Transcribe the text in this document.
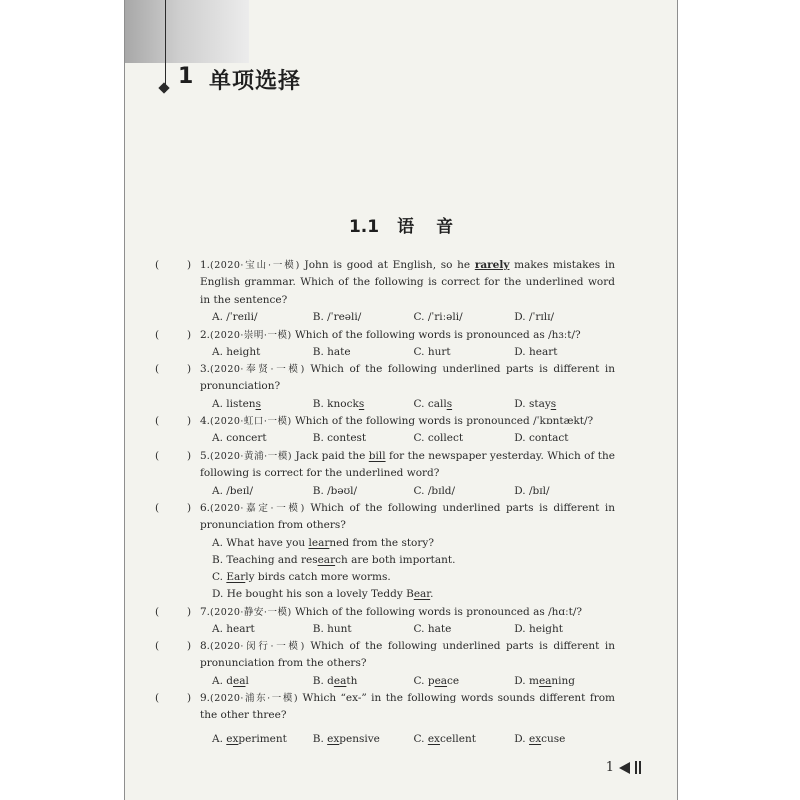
1 单项选择
1.1 语 音
(	) 1.(2020·宝山·一模) John is good at English, so he rarely makes mistakes in English grammar. Which of the following is correct for the underlined word in the sentence?
A. /ˈreɪli/	B. /ˈreəli/	C. /ˈriːəli/	D. /ˈrɪlɪ/
(	) 2.(2020·崇明·一模) Which of the following words is pronounced as /hɜːt/?
A. height	B. hate	C. hurt	D. heart
(	) 3.(2020·奉贤·一模) Which of the following underlined parts is different in pronunciation?
A. listens	B. knocks	C. calls	D. stays
(	) 4.(2020·虹口·一模) Which of the following words is pronounced /ˈkɒntækt/?
A. concert	B. contest	C. collect	D. contact
(	) 5.(2020·黄浦·一模) Jack paid the bill for the newspaper yesterday. Which of the following is correct for the underlined word?
A. /beɪl/	B. /bəʊl/	C. /bɪld/	D. /bɪl/
(	) 6.(2020·嘉定·一模) Which of the following underlined parts is different in pronunciation from others?
A. What have you learned from the story?
B. Teaching and research are both important.
C. Early birds catch more worms.
D. He bought his son a lovely Teddy Bear.
(	) 7.(2020·静安·一模) Which of the following words is pronounced as /hɑːt/?
A. heart	B. hunt	C. hate	D. height
(	) 8.(2020·闵行·一模) Which of the following underlined parts is different in pronunciation from the others?
A. deal	B. death	C. peace	D. meaning
(	) 9.(2020·浦东·一模) Which “ex-” in the following words sounds different from the other three?
A. experiment	B. expensive	C. excellent	D. excuse
1
